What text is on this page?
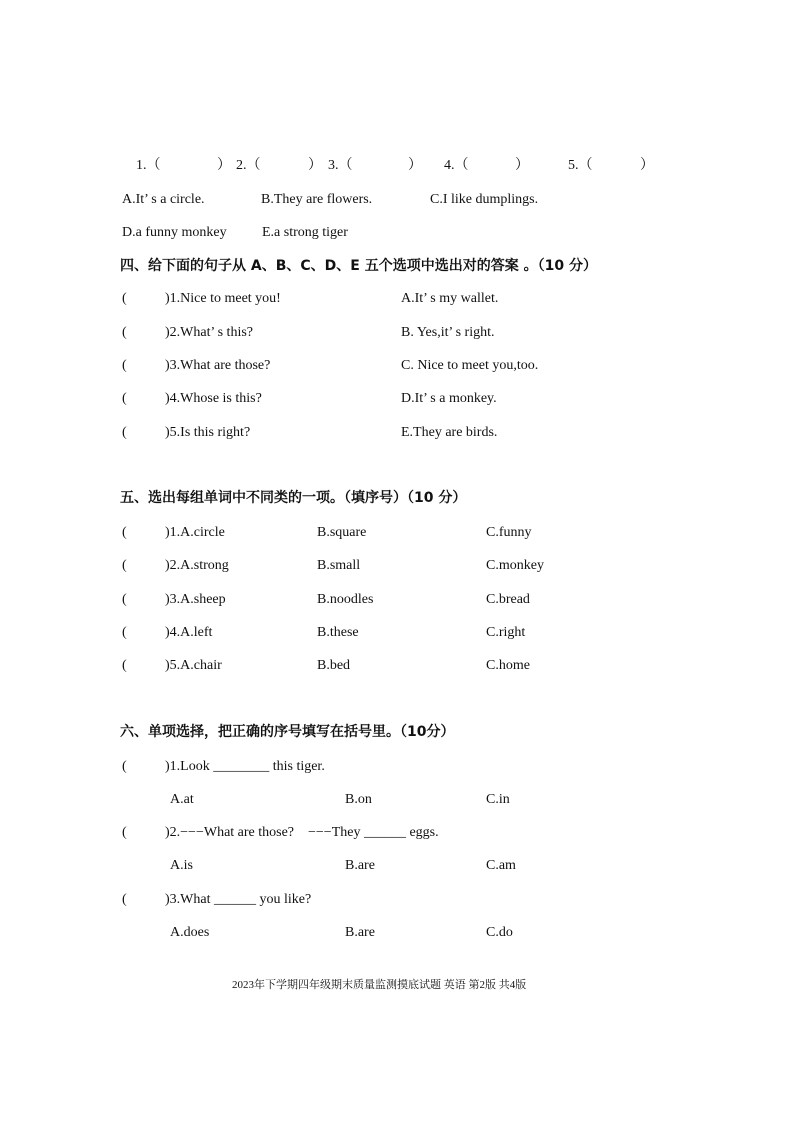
1.（	） 2.（	） 3.（	） 4.（	）	5.（	）
A.It’ s a circle.	B.They are flowers.	C.I like dumplings.
D.a funny monkey	E.a strong tiger
四、给下面的句子从 A、B、C、D、E 五个选项中选出对的答案 。（10 分）
(	)1.Nice to meet you!	A.It’ s my wallet.
(	)2.What’ s this?	B. Yes,it’ s right.
(	)3.What are those?	C. Nice to meet you,too.
(	)4.Whose is this?	D.It’ s a monkey.
(	)5.Is this right?	E.They are birds.
五、选出每组单词中不同类的一项。（填序号）（10 分）
(	)1.A.circle	B.square	C.funny
(	)2.A.strong	B.small	C.monkey
(	)3.A.sheep	B.noodles	C.bread
(	)4.A.left	B.these	C.right
(	)5.A.chair	B.bed	C.home
六、单项选择，把正确的序号填写在括号里。（10分）
(	)1.Look ________ this tiger.
A.at	B.on	C.in
(	)2.−−−What are those?　−−−They ______ eggs.
A.is	B.are	C.am
(	)3.What ______ you like?
A.does	B.are	C.do
2023年下学期四年级期末质量监测摸底试题 英语 第2版 共4版
